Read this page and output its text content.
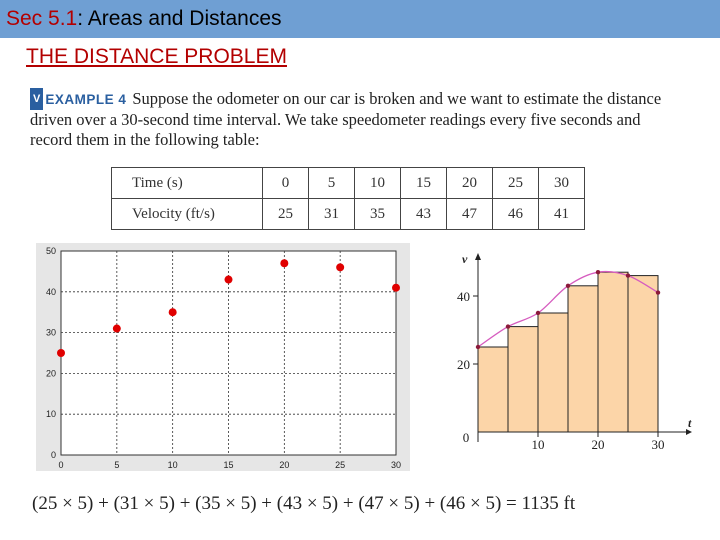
Sec 5.1: Areas and Distances
THE DISTANCE PROBLEM
V EXAMPLE 4 Suppose the odometer on our car is broken and we want to estimate the distance driven over a 30-second time interval. We take speedometer readings every five seconds and record them in the following table:
Time (s)	0	5	10	15	20	25	30
Velocity (ft/s)	25	31	35	43	47	46	41
0	5	10	15	20	25	30
0
10
20
30
40
50
10	20	30
20
40
0
t
v
(25 × 5) + (31 × 5) + (35 × 5) + (43 × 5) + (47 × 5) + (46 × 5) = 1135 ft
